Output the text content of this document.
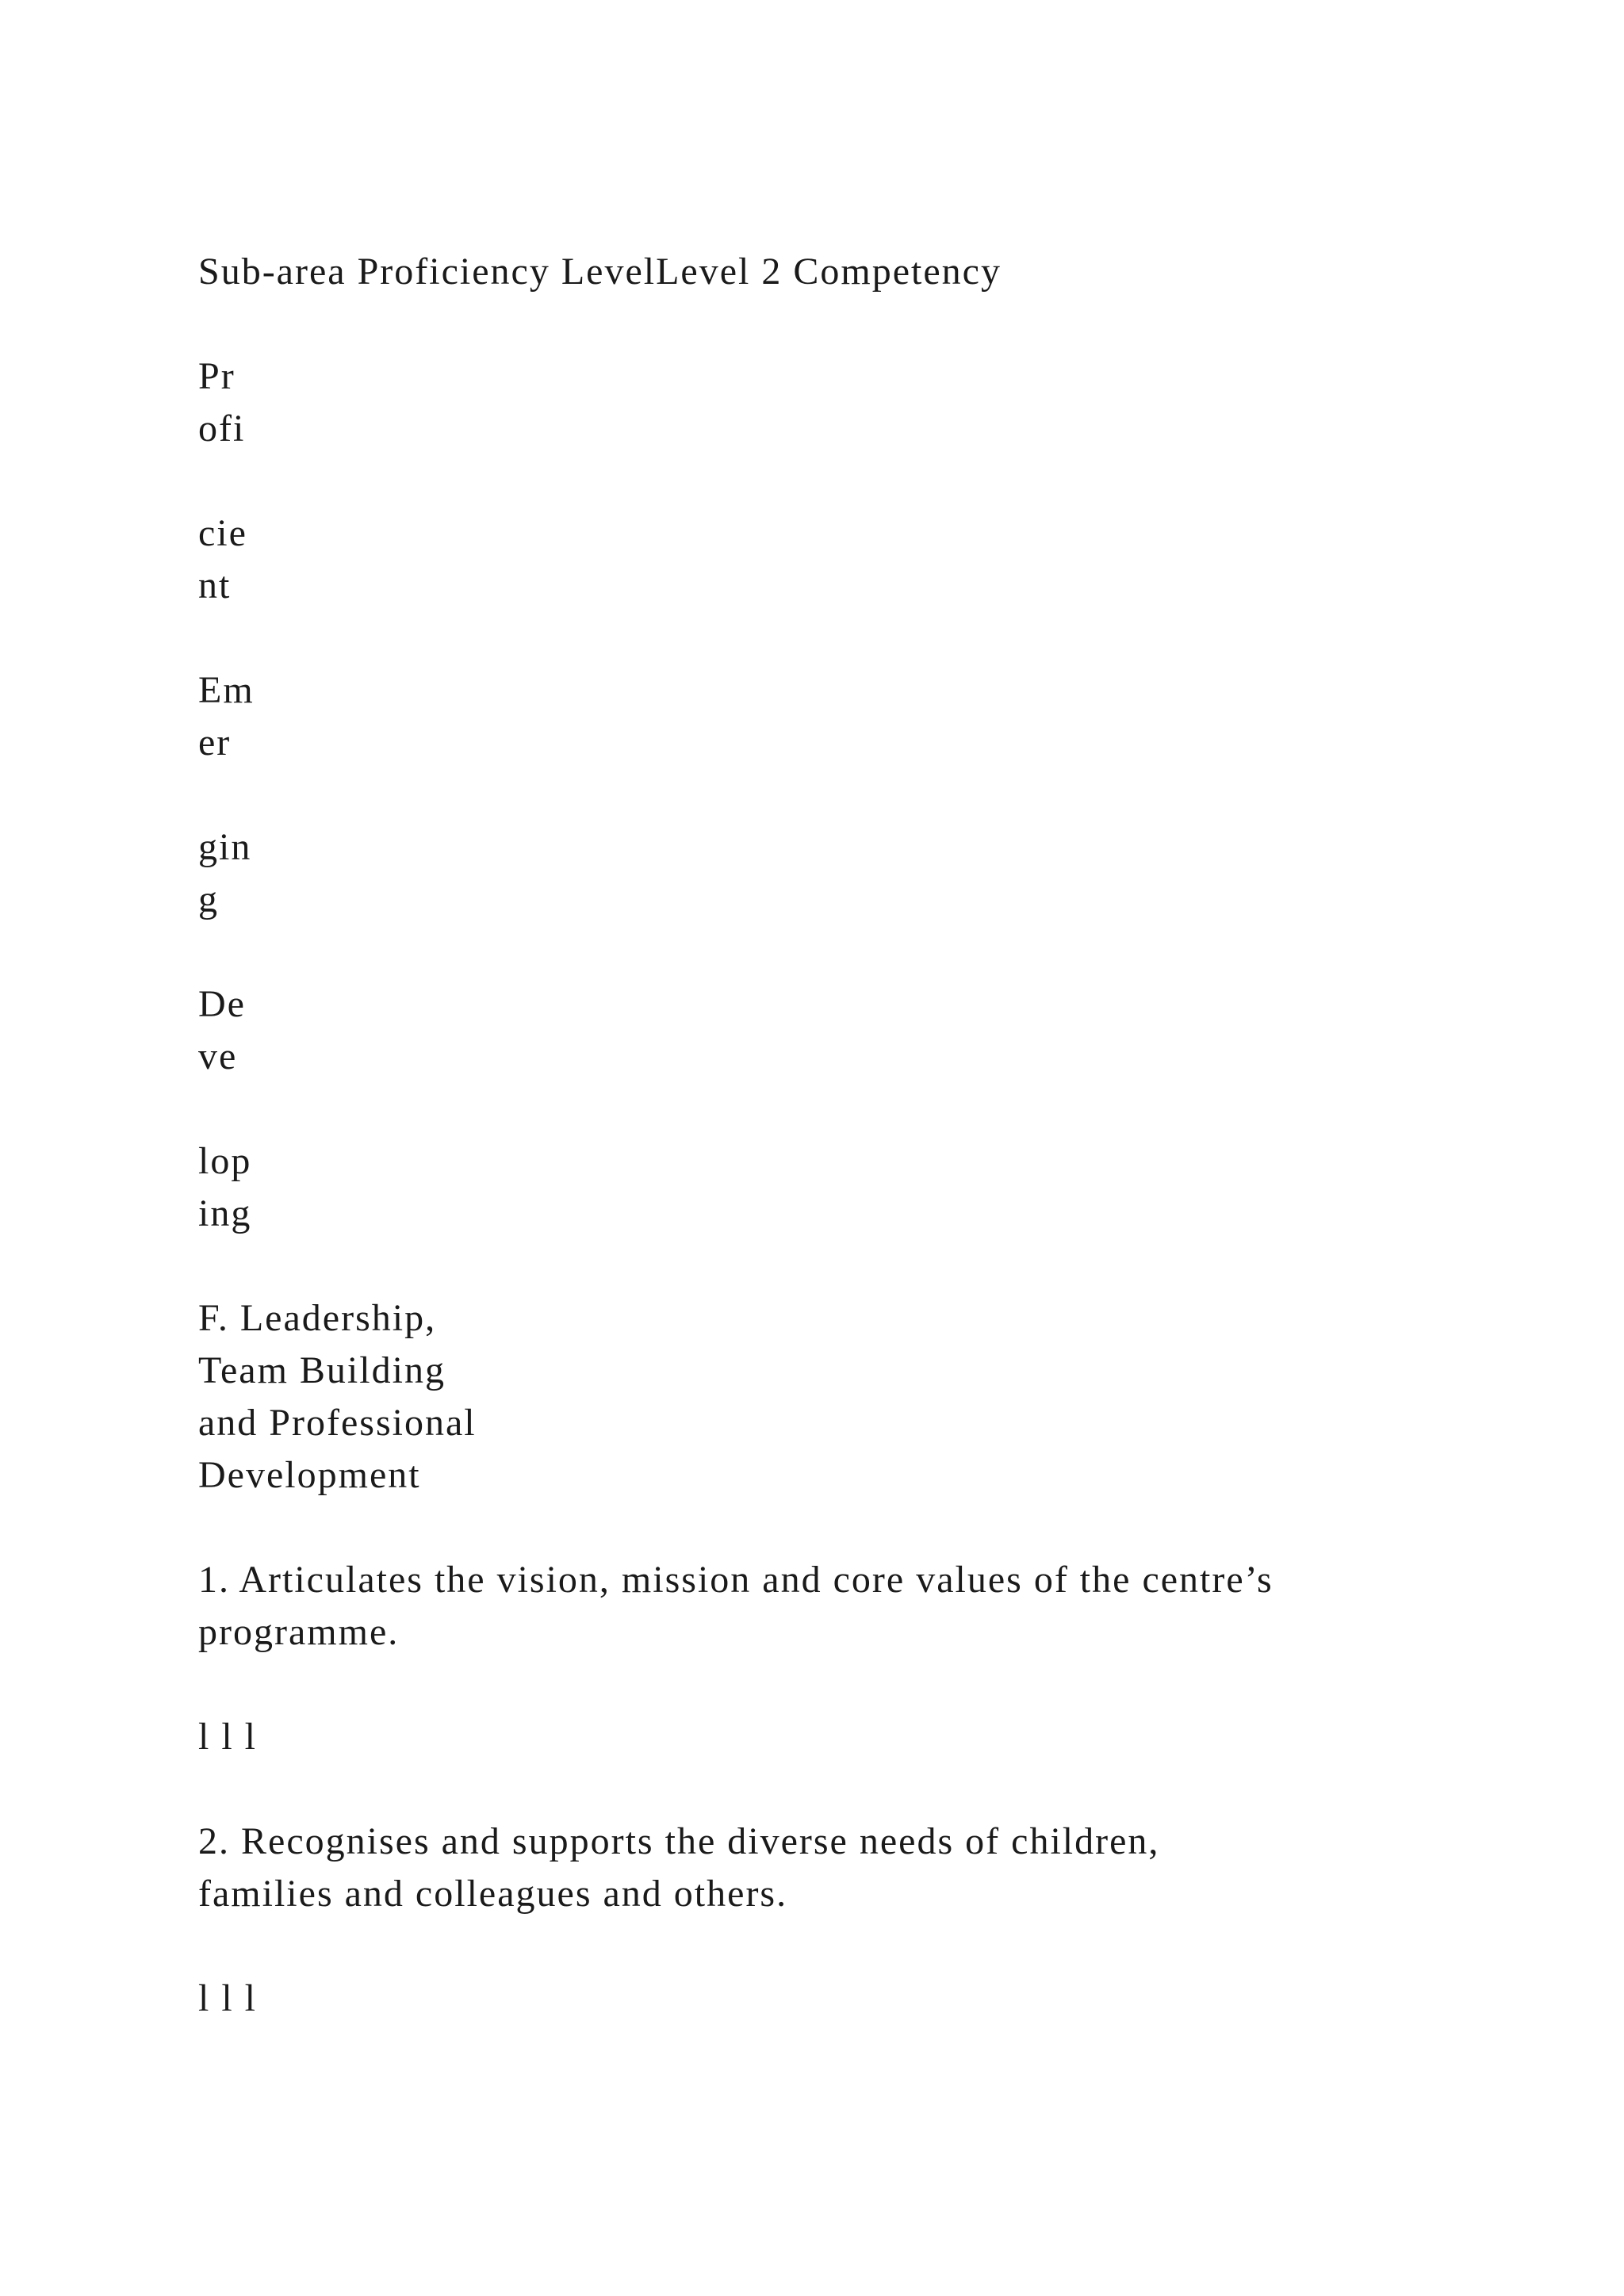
Sub-area Proficiency LevelLevel 2 Competency
Pr
ofi
cie
nt
Em
er
gin
g
De
ve
lop
ing
F. Leadership,
Team Building
and Professional
Development
1. Articulates the vision, mission and core values of the centre’s
programme.
l l l
2. Recognises and supports the diverse needs of children,
families and colleagues and others.
l l l
